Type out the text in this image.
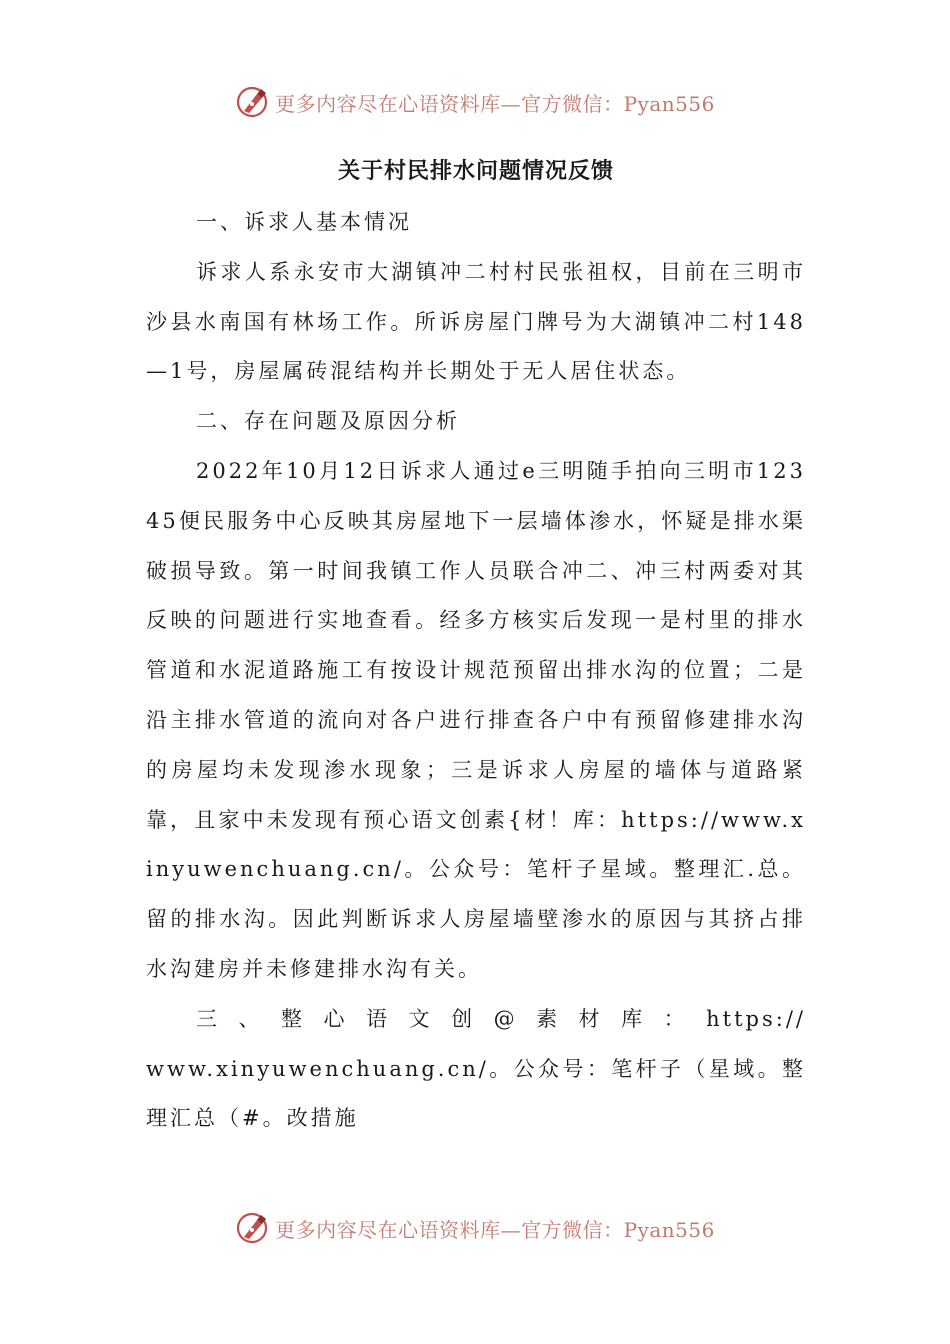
更多内容尽在心语资料库—官方微信：Pyan556
关于村民排水问题情况反馈

一、诉求人基本情况

诉求人系永安市大湖镇冲二村村民张祖权，目前在三明市沙县水南国有林场工作。所诉房屋门牌号为大湖镇冲二村148—1号，房屋属砖混结构并长期处于无人居住状态。

二、存在问题及原因分析

2022年10月12日诉求人通过e三明随手拍向三明市12345便民服务中心反映其房屋地下一层墙体渗水，怀疑是排水渠破损导致。第一时间我镇工作人员联合冲二、冲三村两委对其反映的问题进行实地查看。经多方核实后发现一是村里的排水管道和水泥道路施工有按设计规范预留出排水沟的位置；二是沿主排水管道的流向对各户进行排查各户中有预留修建排水沟的房屋均未发现渗水现象；三是诉求人房屋的墙体与道路紧靠，且家中未发现有预心语文创素{材！库：https://www.xinyuwenchuang.cn/。公众号：笔杆子星域。整理汇.总。留的排水沟。因此判断诉求人房屋墙壁渗水的原因与其挤占排水沟建房并未修建排水沟有关。

三、整心语文创@素材库：https://

www.xinyuwenchuang.cn/。公众号：笔杆子（星域。整理汇总（#。改措施

更多内容尽在心语资料库—官方微信：Pyan556
